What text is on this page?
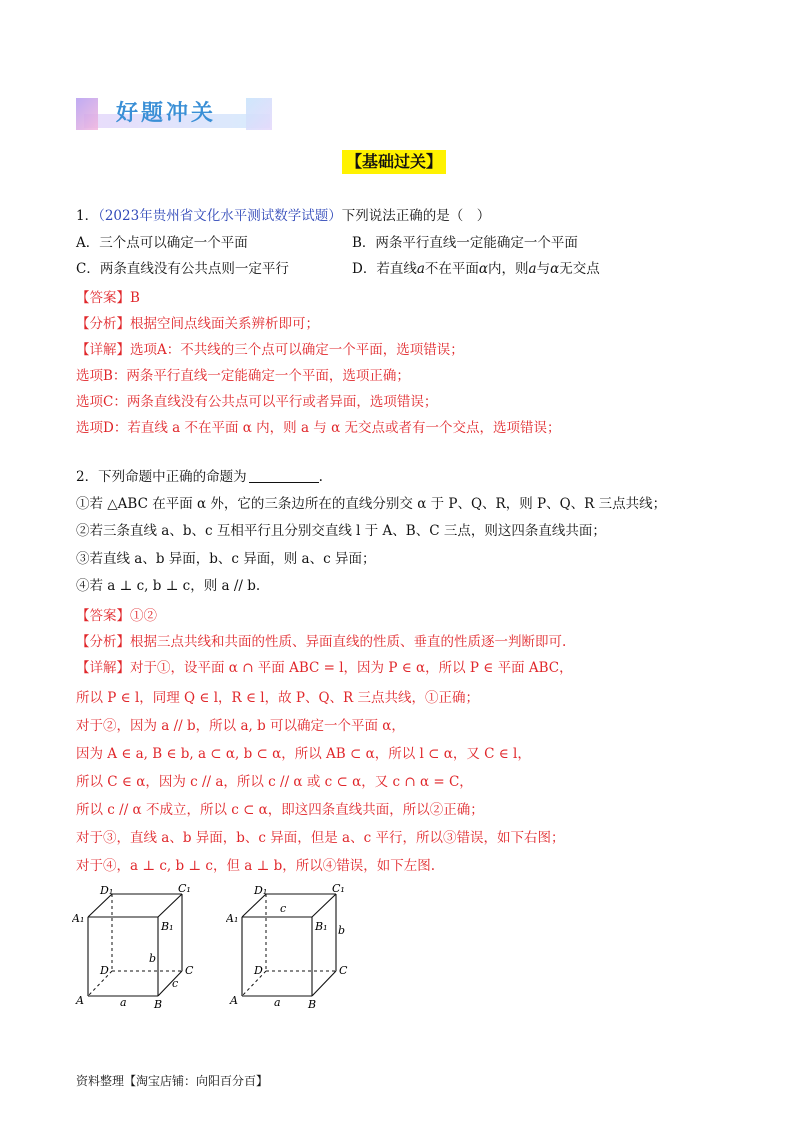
好题冲关
【基础过关】
1．（2023年贵州省文化水平测试数学试题）下列说法正确的是（　）
A．三个点可以确定一个平面	B．两条平行直线一定能确定一个平面
C．两条直线没有公共点则一定平行	D．若直线a不在平面α内，则a与α无交点
【答案】B
【分析】根据空间点线面关系辨析即可；
【详解】选项A：不共线的三个点可以确定一个平面，选项错误；
选项B：两条平行直线一定能确定一个平面，选项正确；
选项C：两条直线没有公共点可以平行或者异面，选项错误；
选项D：若直线 a 不在平面 α 内，则 a 与 α 无交点或者有一个交点，选项错误；
2．下列命题中正确的命题为	.
①若 △ABC 在平面 α 外，它的三条边所在的直线分别交 α 于 P、Q、R，则 P、Q、R 三点共线；
②若三条直线 a、b、c 互相平行且分别交直线 l 于 A、B、C 三点，则这四条直线共面；
③若直线 a、b 异面，b、c 异面，则 a、c 异面；
④若 a ⊥ c, b ⊥ c，则 a // b.
【答案】①②
【分析】根据三点共线和共面的性质、异面直线的性质、垂直的性质逐一判断即可.
【详解】对于①，设平面 α ∩ 平面 ABC = l，因为 P ∈ α，所以 P ∈ 平面 ABC，
所以 P ∈ l，同理 Q ∈ l，R ∈ l，故 P、Q、R 三点共线，①正确；
对于②，因为 a // b，所以 a, b 可以确定一个平面 α，
因为 A ∈ a, B ∈ b, a ⊂ α, b ⊂ α，所以 AB ⊂ α，所以 l ⊂ α，又 C ∈ l，
所以 C ∈ α，因为 c // a，所以 c // α 或 c ⊂ α，又 c ∩ α = C，
所以 c // α 不成立，所以 c ⊂ α，即这四条直线共面，所以②正确；
对于③，直线 a、b 异面，b、c 异面，但是 a、c 平行，所以③错误，如下右图；
对于④，a ⊥ c, b ⊥ c，但 a ⊥ b，所以④错误，如下左图.
D₁	C₁
A₁
B₁
D	C
A	B
a
b
c
D₁	C₁
A₁
B₁
D	C
A	B
a
b
c
资料整理【淘宝店铺：向阳百分百】
